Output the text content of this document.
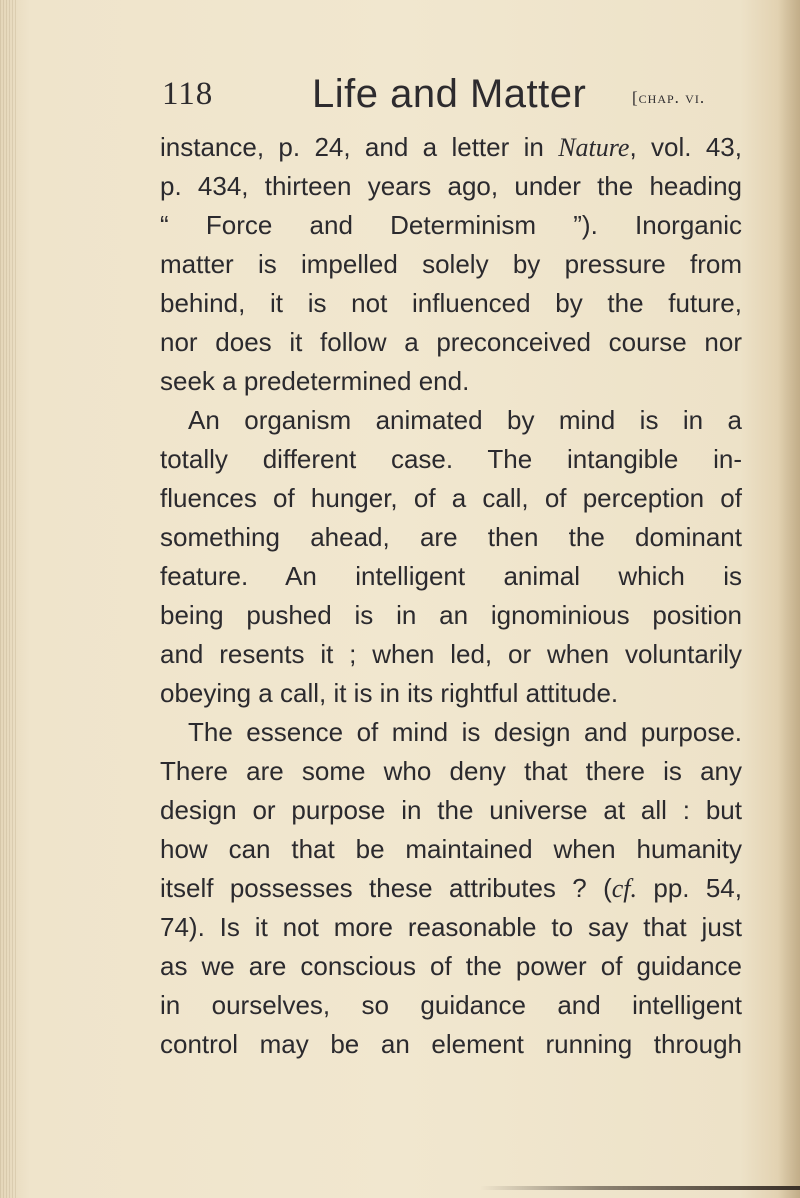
118 Life and Matter	[chap. vi.
instance, p. 24, and a letter in Nature, vol. 43,
p. 434, thirteen years ago, under the heading
“ Force and Determinism ”). Inorganic
matter is impelled solely by pressure from
behind, it is not influenced by the future,
nor does it follow a preconceived course nor
seek a predetermined end.
An organism animated by mind is in a
totally different case. The intangible in-
fluences of hunger, of a call, of perception of
something ahead, are then the dominant
feature. An intelligent animal which is
being pushed is in an ignominious position
and resents it ; when led, or when voluntarily
obeying a call, it is in its rightful attitude.
The essence of mind is design and purpose.
There are some who deny that there is any
design or purpose in the universe at all : but
how can that be maintained when humanity
itself possesses these attributes ? (cf. pp. 54,
74). Is it not more reasonable to say that just
as we are conscious of the power of guidance
in ourselves, so guidance and intelligent
control may be an element running through
